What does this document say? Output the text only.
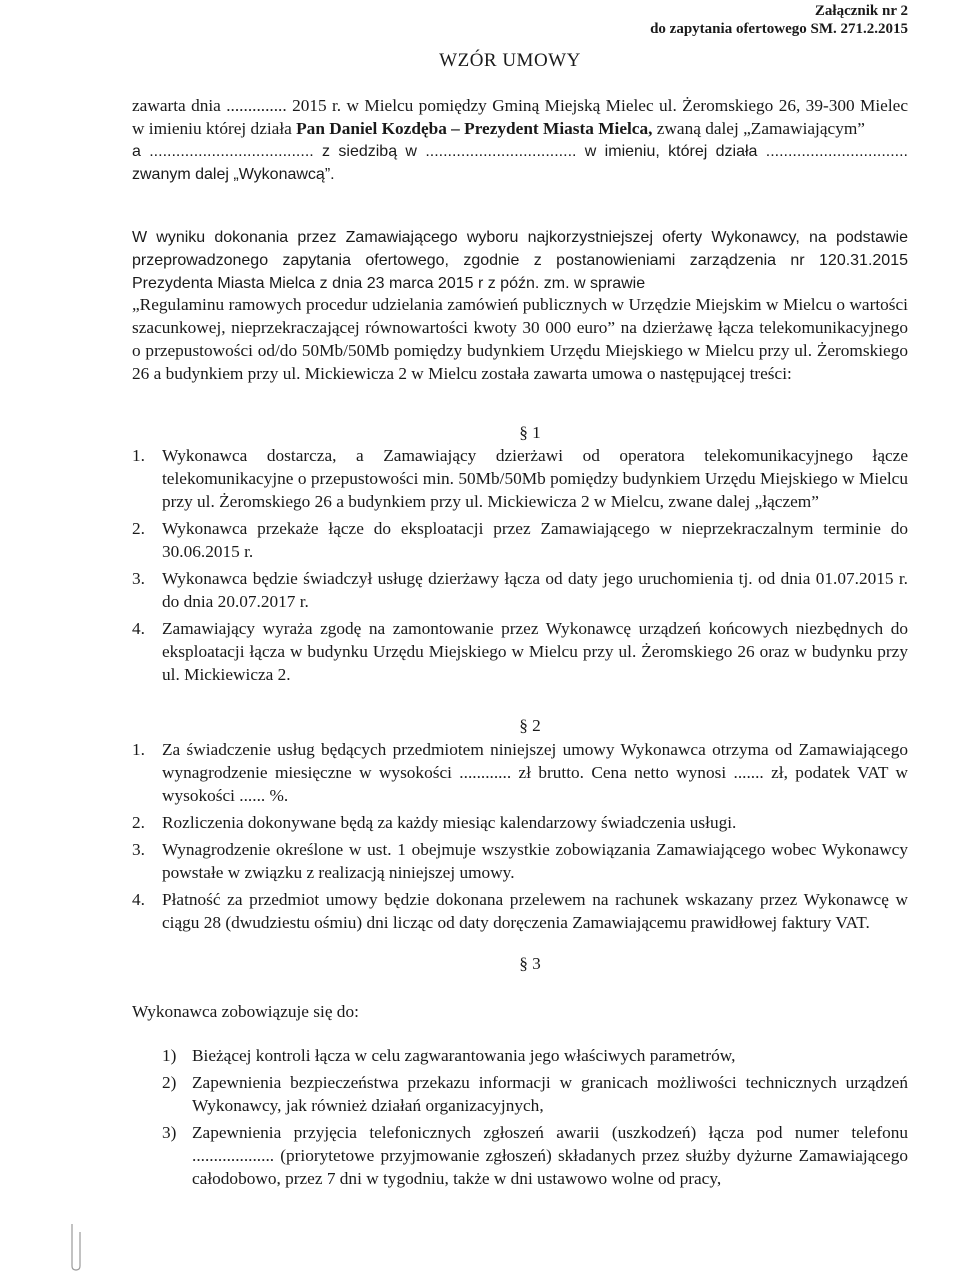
Załącznik nr 2
do zapytania ofertowego SM. 271.2.2015
WZÓR UMOWY
zawarta dnia .............. 2015 r. w Mielcu pomiędzy Gminą Miejską Mielec ul. Żeromskiego 26, 39-300 Mielec w imieniu której działa Pan Daniel Kozdęba – Prezydent Miasta Mielca, zwaną dalej „Zamawiającym”
a ..................................... z siedzibą w .................................. w imieniu, której działa ................................ zwanym dalej „Wykonawcą”.
W wyniku dokonania przez Zamawiającego wyboru najkorzystniejszej oferty Wykonawcy, na podstawie przeprowadzonego zapytania ofertowego, zgodnie z postanowieniami zarządzenia nr 120.31.2015 Prezydenta Miasta Mielca z dnia 23 marca 2015 r z późn. zm. w sprawie
„Regulaminu ramowych procedur udzielania zamówień publicznych w Urzędzie Miejskim w Mielcu o wartości szacunkowej, nieprzekraczającej równowartości kwoty 30 000 euro” na dzierżawę łącza telekomunikacyjnego o przepustowości od/do 50Mb/50Mb pomiędzy budynkiem Urzędu Miejskiego w Mielcu przy ul. Żeromskiego 26 a budynkiem przy ul. Mickiewicza 2 w Mielcu została zawarta umowa o następującej treści:
§ 1
1. Wykonawca dostarcza, a Zamawiający dzierżawi od operatora telekomunikacyjnego łącze telekomunikacyjne o przepustowości min. 50Mb/50Mb pomiędzy budynkiem Urzędu Miejskiego w Mielcu przy ul. Żeromskiego 26 a budynkiem przy ul. Mickiewicza 2 w Mielcu, zwane dalej „łączem”
2. Wykonawca przekaże łącze do eksploatacji przez Zamawiającego w nieprzekraczalnym terminie do 30.06.2015 r.
3. Wykonawca będzie świadczył usługę dzierżawy łącza od daty jego uruchomienia tj. od dnia 01.07.2015 r. do dnia 20.07.2017 r.
4. Zamawiający wyraża zgodę na zamontowanie przez Wykonawcę urządzeń końcowych niezbędnych do eksploatacji łącza w budynku Urzędu Miejskiego w Mielcu przy ul. Żeromskiego 26 oraz w budynku przy ul. Mickiewicza 2.
§ 2
1. Za świadczenie usług będących przedmiotem niniejszej umowy Wykonawca otrzyma od Zamawiającego wynagrodzenie miesięczne w wysokości ............ zł brutto. Cena netto wynosi ....... zł, podatek VAT w wysokości ...... %.
2. Rozliczenia dokonywane będą za każdy miesiąc kalendarzowy świadczenia usługi.
3. Wynagrodzenie określone w ust. 1 obejmuje wszystkie zobowiązania Zamawiającego wobec Wykonawcy powstałe w związku z realizacją niniejszej umowy.
4. Płatność za przedmiot umowy będzie dokonana przelewem na rachunek wskazany przez Wykonawcę w ciągu 28 (dwudziestu ośmiu) dni licząc od daty doręczenia Zamawiającemu prawidłowej faktury VAT.
§ 3
Wykonawca zobowiązuje się do:
1) Bieżącej kontroli łącza w celu zagwarantowania jego właściwych parametrów,
2) Zapewnienia bezpieczeństwa przekazu informacji w granicach możliwości technicznych urządzeń Wykonawcy, jak również działań organizacyjnych,
3) Zapewnienia przyjęcia telefonicznych zgłoszeń awarii (uszkodzeń) łącza pod numer telefonu ................... (priorytetowe przyjmowanie zgłoszeń) składanych przez służby dyżurne Zamawiającego całodobowo, przez 7 dni w tygodniu, także w dni ustawowo wolne od pracy,
